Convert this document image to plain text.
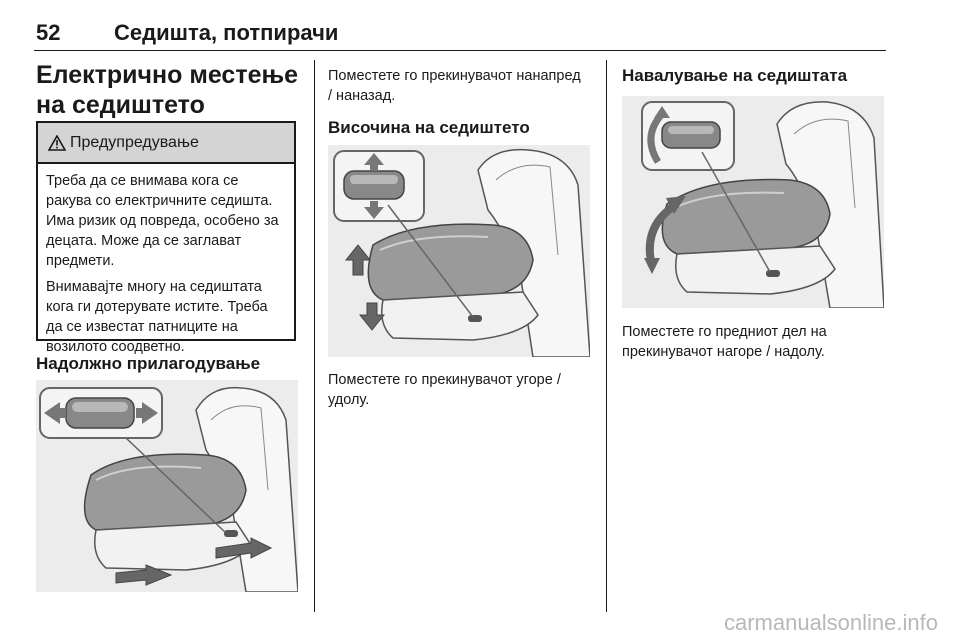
52 Седишта, потпирачи
Електрично местење на седиштето
Предупредување

Треба да се внимава кога се ракува со електричните седишта. Има ризик од повреда, особено за децата. Може да се заглават предмети.

Внимавајте многу на седиштата кога ги дотерувате истите. Треба да се известат патниците на возилото соодветно.

Надолжно прилагодување
Поместете го прекинувачот нанапред / наназад.
Височина на седиштето
Поместете го прекинувачот угоре / удолу.
Навалување на седиштата
Поместете го предниот дел на прекинувачот нагоре / надолу.
carmanualsonline.info
